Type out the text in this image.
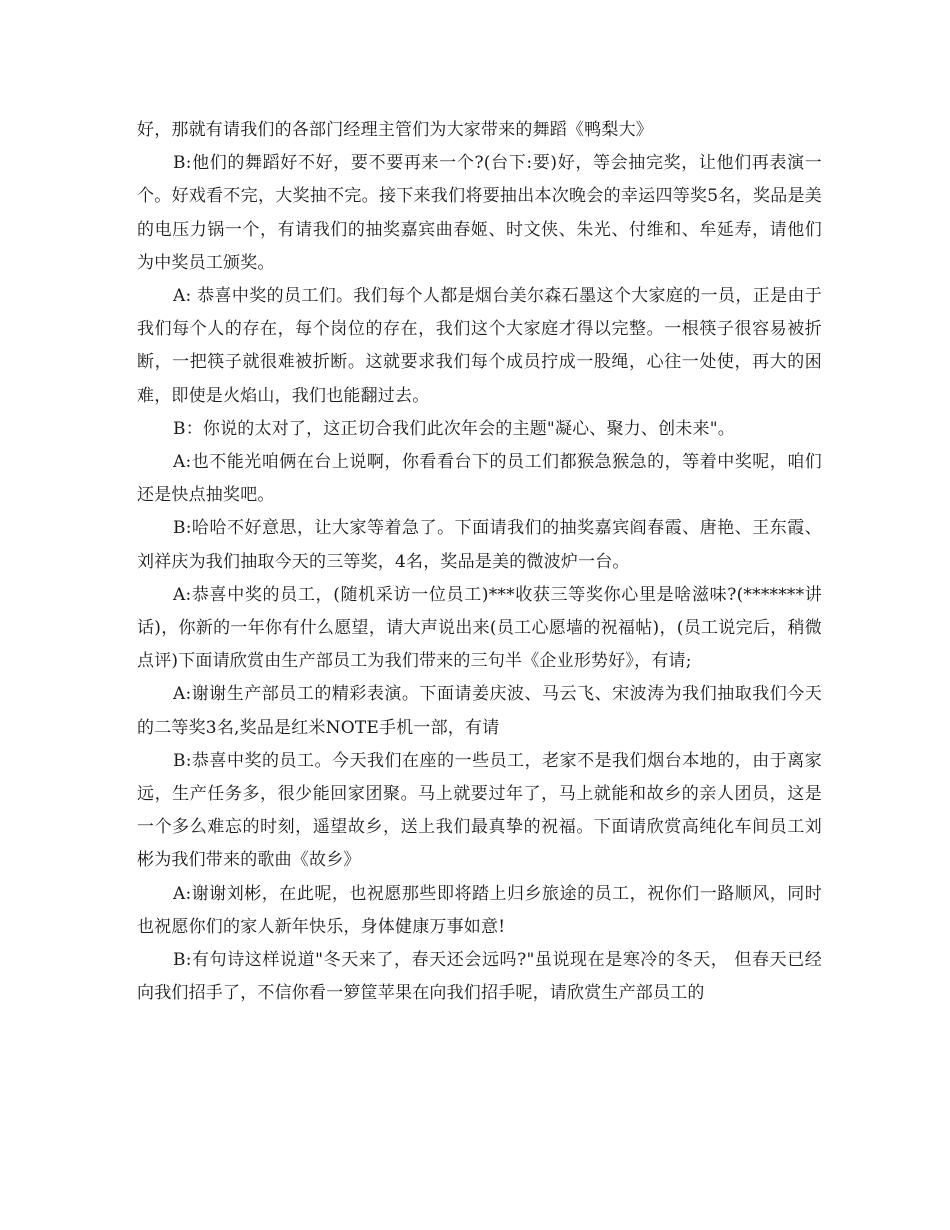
好，那就有请我们的各部门经理主管们为大家带来的舞蹈《鸭梨大》

B:他们的舞蹈好不好，要不要再来一个?(台下:要)好，等会抽完奖，让他们再表演一个。好戏看不完，大奖抽不完。接下来我们将要抽出本次晚会的幸运四等奖5名，奖品是美的电压力锅一个，有请我们的抽奖嘉宾曲春姬、时文侠、朱光、付维和、牟延寿，请他们为中奖员工颁奖。

A: 恭喜中奖的员工们。我们每个人都是烟台美尔森石墨这个大家庭的一员，正是由于我们每个人的存在，每个岗位的存在，我们这个大家庭才得以完整。一根筷子很容易被折断，一把筷子就很难被折断。这就要求我们每个成员拧成一股绳，心往一处使，再大的困难，即使是火焰山，我们也能翻过去。

B：你说的太对了，这正切合我们此次年会的主题"凝心、聚力、创未来"。

A:也不能光咱俩在台上说啊，你看看台下的员工们都猴急猴急的，等着中奖呢，咱们还是快点抽奖吧。

B:哈哈不好意思，让大家等着急了。下面请我们的抽奖嘉宾阎春霞、唐艳、王东霞、刘祥庆为我们抽取今天的三等奖，4名，奖品是美的微波炉一台。

A:恭喜中奖的员工，(随机采访一位员工)***收获三等奖你心里是啥滋味?(*******讲话)，你新的一年你有什么愿望，请大声说出来(员工心愿墙的祝福帖)，(员工说完后，稍微点评)下面请欣赏由生产部员工为我们带来的三句半《企业形势好》，有请;

A:谢谢生产部员工的精彩表演。下面请姜庆波、马云飞、宋波涛为我们抽取我们今天的二等奖3名,奖品是红米NOTE手机一部，有请

B:恭喜中奖的员工。今天我们在座的一些员工，老家不是我们烟台本地的，由于离家远，生产任务多，很少能回家团聚。马上就要过年了，马上就能和故乡的亲人团员，这是一个多么难忘的时刻，遥望故乡，送上我们最真挚的祝福。下面请欣赏高纯化车间员工刘彬为我们带来的歌曲《故乡》

A:谢谢刘彬，在此呢，也祝愿那些即将踏上归乡旅途的员工，祝你们一路顺风，同时也祝愿你们的家人新年快乐，身体健康万事如意!

B:有句诗这样说道"冬天来了，春天还会远吗?"虽说现在是寒冷的冬天， 但春天已经向我们招手了，不信你看一箩筐苹果在向我们招手呢，请欣赏生产部员工的
